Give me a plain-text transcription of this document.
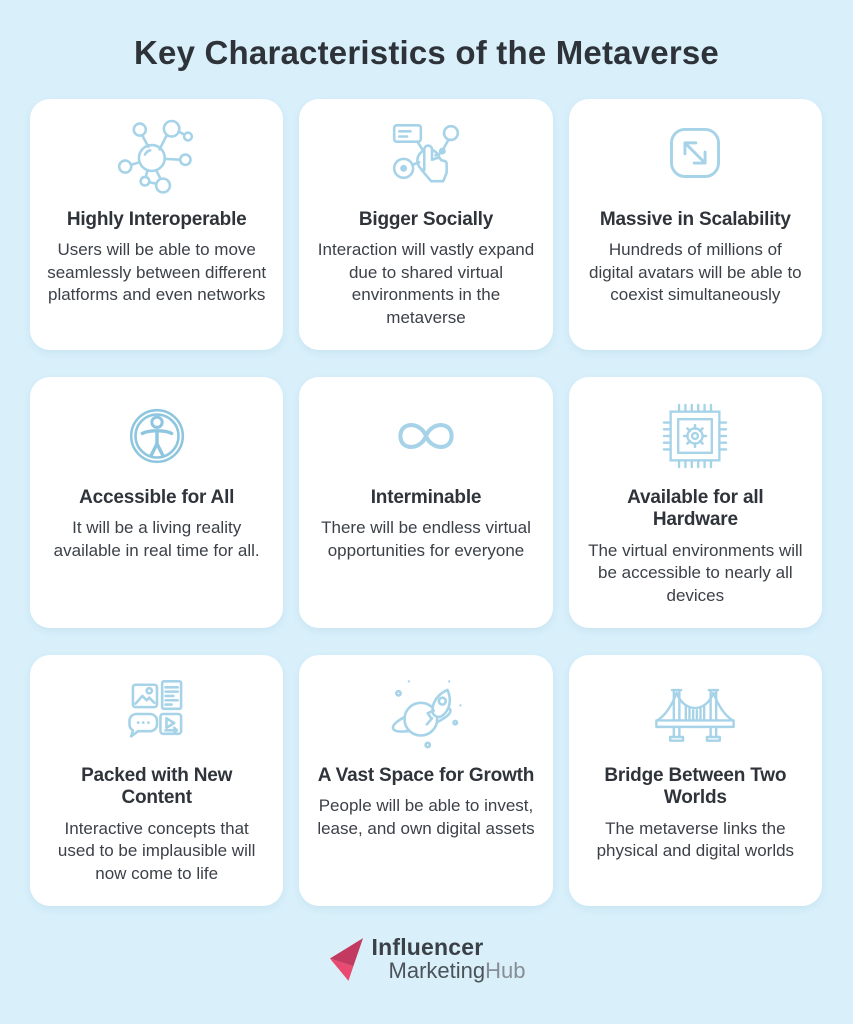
Key Characteristics of the Metaverse
Highly Interoperable

Users will be able to move seamlessly between different platforms and even networks

Bigger Socially

Interaction will vastly expand due to shared virtual environments in the metaverse

Massive in Scalability

Hundreds of millions of digital avatars will be able to coexist simultaneously

Accessible for All

It will be a living reality available in real time for all.

Interminable

There will be endless virtual opportunities for everyone

Available for all Hardware

The virtual environments will be accessible to nearly all devices

Packed with New Content

Interactive concepts that used to be implausible will now come to life

A Vast Space for Growth

People will be able to invest, lease, and own digital assets

Bridge Between Two Worlds

The metaverse links the physical and digital worlds

Influencer
MarketingHub
